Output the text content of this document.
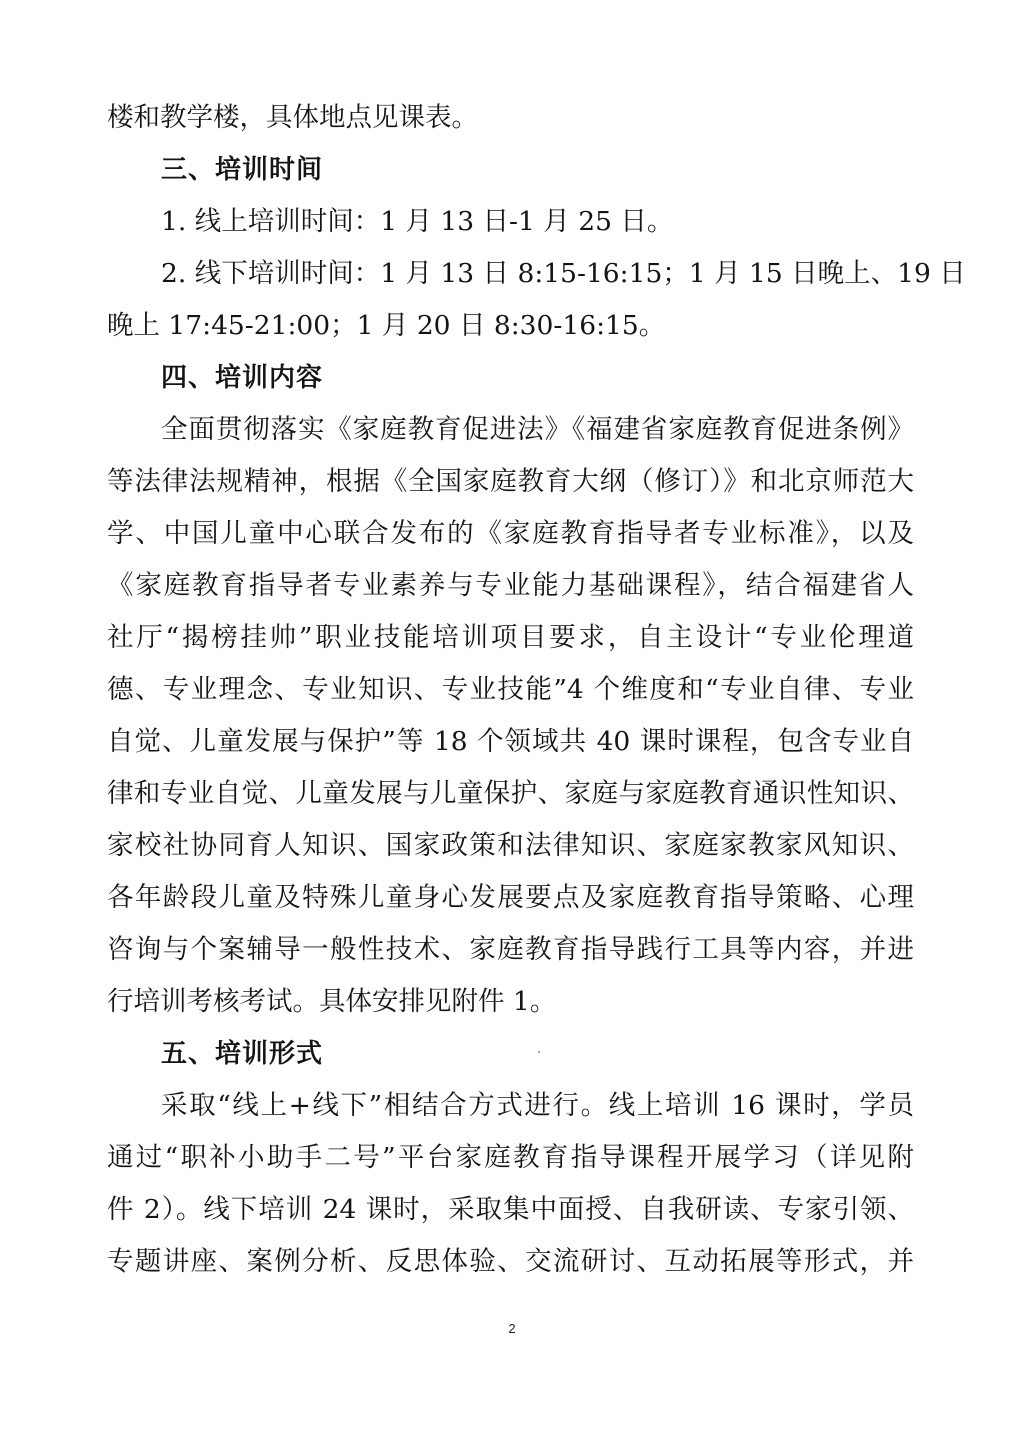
楼和教学楼，具体地点见课表。
三、培训时间
1. 线上培训时间：1 月 13 日-1 月 25 日。
2. 线下培训时间：1 月 13 日 8:15-16:15；1 月 15 日晚上、19 日
晚上 17:45-21:00；1 月 20 日 8:30-16:15。
四、培训内容
全面贯彻落实《家庭教育促进法》《福建省家庭教育促进条例》
等法律法规精神，根据《全国家庭教育大纲（修订）》和北京师范大
学、中国儿童中心联合发布的《家庭教育指导者专业标准》，以及
《家庭教育指导者专业素养与专业能力基础课程》，结合福建省人
社厅“揭榜挂帅”职业技能培训项目要求，自主设计“专业伦理道
德、专业理念、专业知识、专业技能”4 个维度和“专业自律、专业
自觉、儿童发展与保护”等 18 个领域共 40 课时课程，包含专业自
律和专业自觉、儿童发展与儿童保护、家庭与家庭教育通识性知识、
家校社协同育人知识、国家政策和法律知识、家庭家教家风知识、
各年龄段儿童及特殊儿童身心发展要点及家庭教育指导策略、心理
咨询与个案辅导一般性技术、家庭教育指导践行工具等内容，并进
行培训考核考试。具体安排见附件 1。
五、培训形式
采取“线上+线下”相结合方式进行。线上培训 16 课时，学员
通过“职补小助手二号”平台家庭教育指导课程开展学习（详见附
件 2）。线下培训 24 课时，采取集中面授、自我研读、专家引领、
专题讲座、案例分析、反思体验、交流研讨、互动拓展等形式，并
2
